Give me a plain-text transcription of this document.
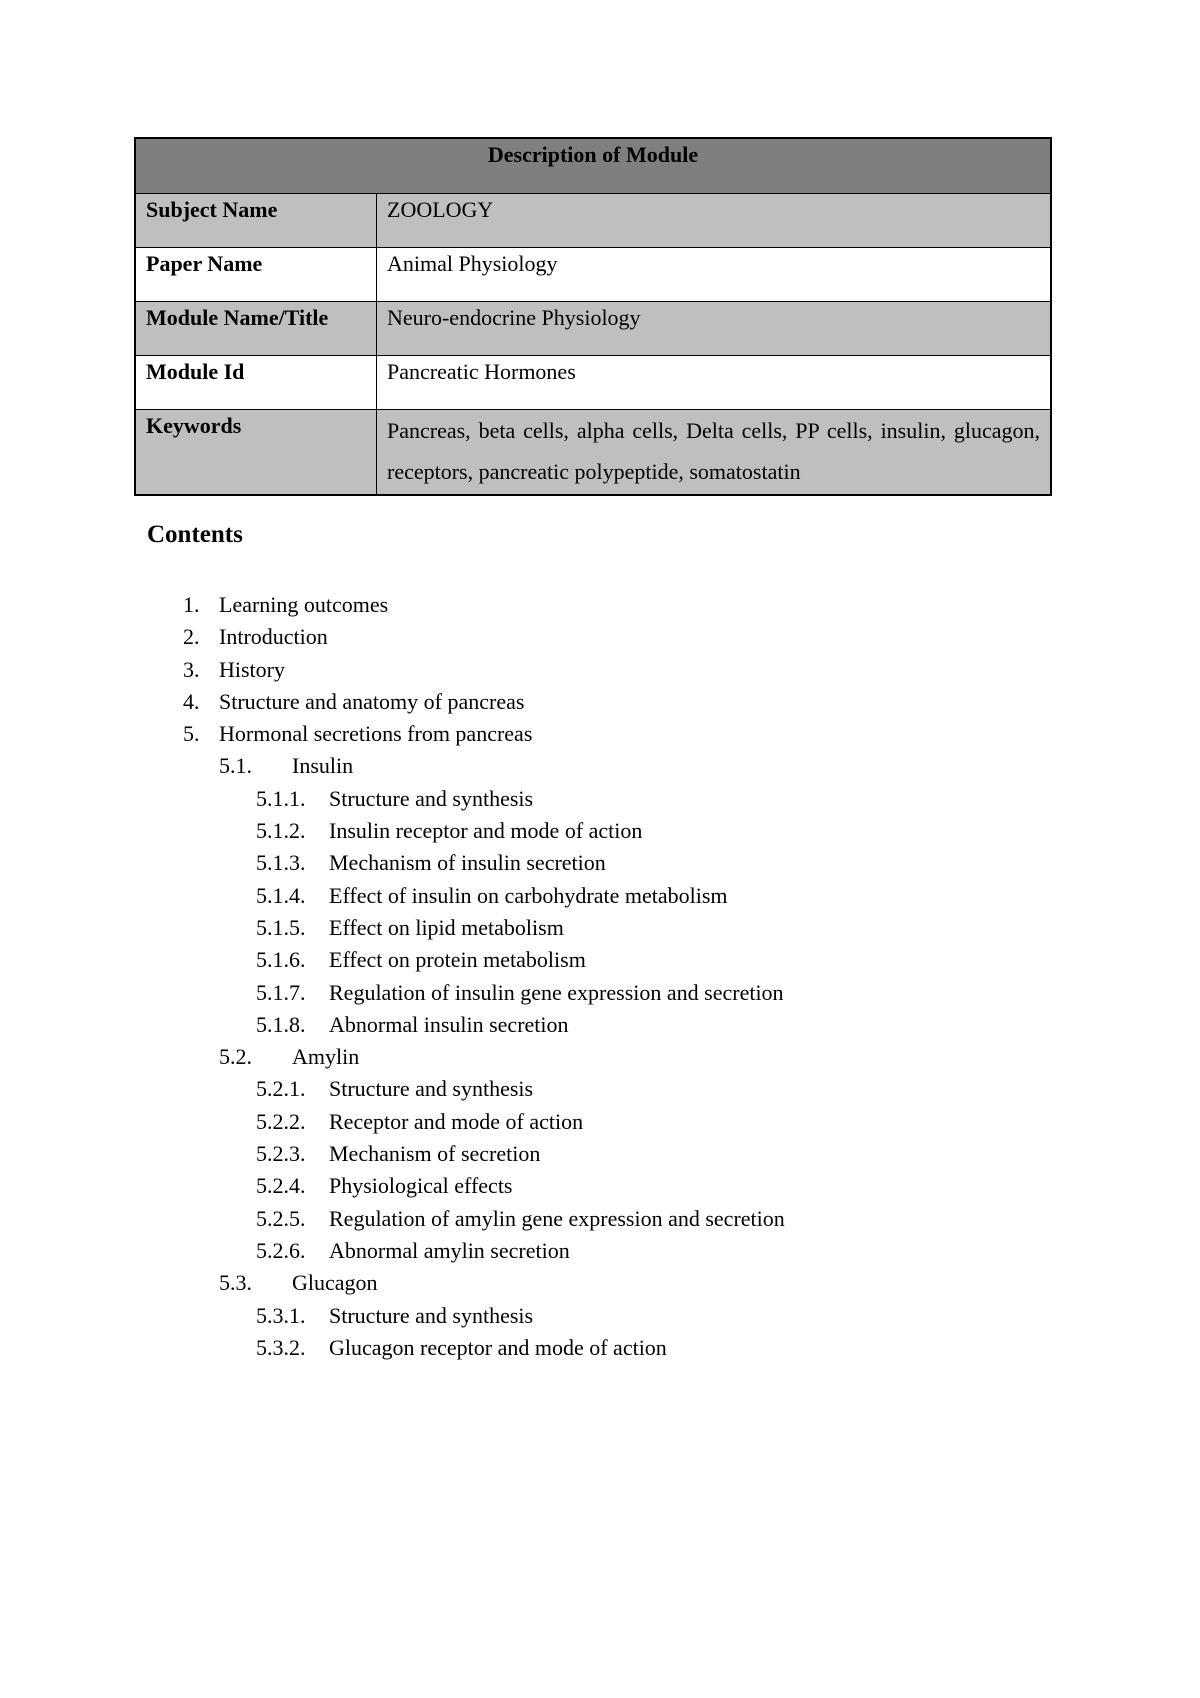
Description of Module	
Subject Name	ZOOLOGY
Paper Name	Animal Physiology
Module Name/Title	Neuro-endocrine Physiology
Module Id	Pancreatic Hormones
Keywords	Pancreas, beta cells, alpha cells, Delta cells, PP cells, insulin, glucagon, receptors, pancreatic polypeptide, somatostatin
Contents
1. Learning outcomes
2. Introduction
3. History
4. Structure and anatomy of pancreas
5. Hormonal secretions from pancreas
5.1. Insulin
5.1.1. Structure and synthesis
5.1.2. Insulin receptor and mode of action
5.1.3. Mechanism of insulin secretion
5.1.4. Effect of insulin on carbohydrate metabolism
5.1.5. Effect on lipid metabolism
5.1.6. Effect on protein metabolism
5.1.7. Regulation of insulin gene expression and secretion
5.1.8. Abnormal insulin secretion
5.2. Amylin
5.2.1. Structure and synthesis
5.2.2. Receptor and mode of action
5.2.3. Mechanism of secretion
5.2.4. Physiological effects
5.2.5. Regulation of amylin gene expression and secretion
5.2.6. Abnormal amylin secretion
5.3. Glucagon
5.3.1. Structure and synthesis
5.3.2. Glucagon receptor and mode of action
